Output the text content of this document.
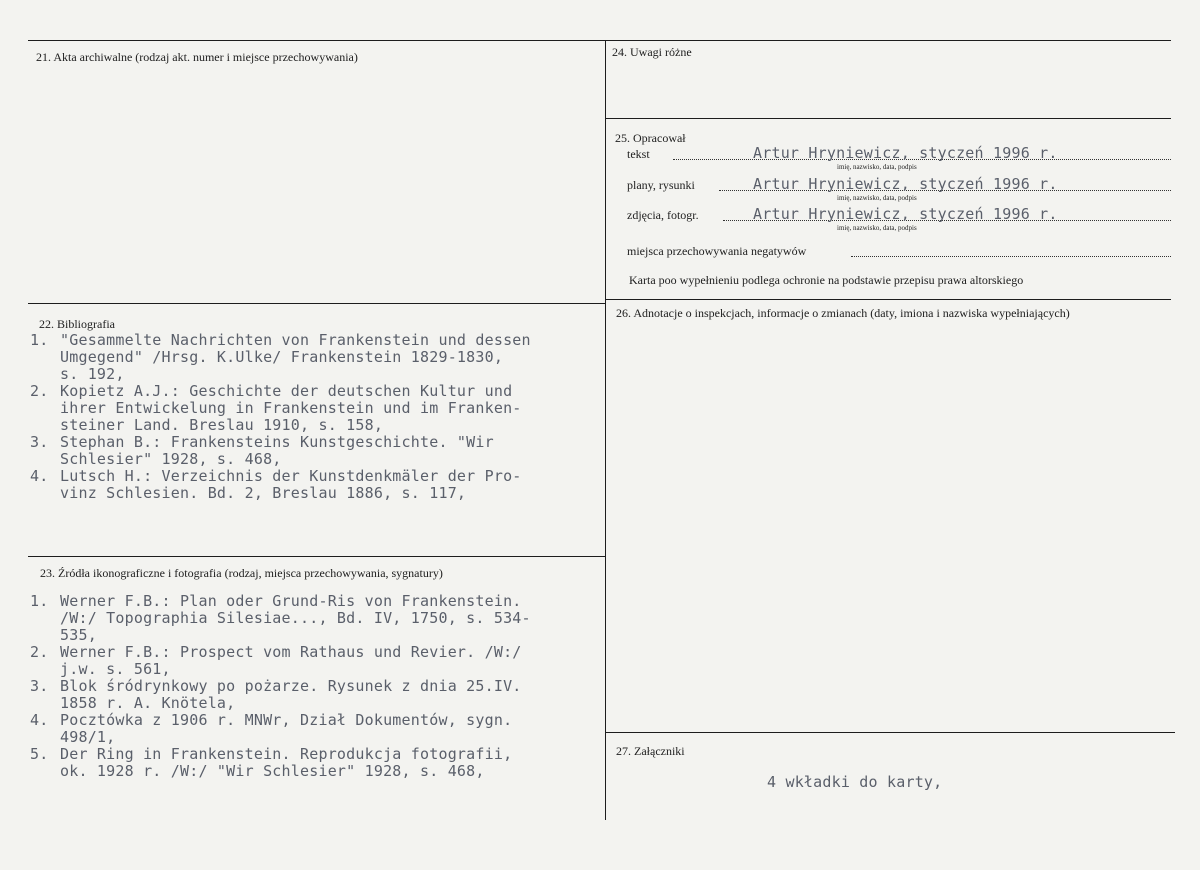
21. Akta archiwalne (rodzaj akt. numer i miejsce przechowywania)	24. Uwagi różne
25. Opracował
tekst	Artur Hryniewicz, styczeń 1996 r.
imię, nazwisko, data, podpis
plany, rysunki	Artur Hryniewicz, styczeń 1996 r.
imię, nazwisko, data, podpis
zdjęcia, fotogr.	Artur Hryniewicz, styczeń 1996 r.
imię, nazwisko, data, podpis
miejsca przechowywania negatywów
Karta poo wypełnieniu podlega ochronie na podstawie przepisu prawa altorskiego
22. Bibliografia
1. "Gesammelte Nachrichten von Frankenstein und dessen
Umgegend" /Hrsg. K.Ulke/ Frankenstein 1829-1830,
s. 192,
2. Kopietz A.J.: Geschichte der deutschen Kultur und
ihrer Entwickelung in Frankenstein und im Franken-
steiner Land. Breslau 1910, s. 158,
3. Stephan B.: Frankensteins Kunstgeschichte. "Wir
Schlesier" 1928, s. 468,
4. Lutsch H.: Verzeichnis der Kunstdenkmäler der Pro-
vinz Schlesien. Bd. 2, Breslau 1886, s. 117,
26. Adnotacje o inspekcjach, informacje o zmianach (daty, imiona i nazwiska wypełniających)
23. Źródła ikonograficzne i fotografia (rodzaj, miejsca przechowywania, sygnatury)
1. Werner F.B.: Plan oder Grund-Ris von Frankenstein.
/W:/ Topographia Silesiae..., Bd. IV, 1750, s. 534-
535,
2. Werner F.B.: Prospect vom Rathaus und Revier. /W:/
j.w. s. 561,
3. Blok śródrynkowy po pożarze. Rysunek z dnia 25.IV.
1858 r. A. Knötela,
4. Pocztówka z 1906 r. MNWr, Dział Dokumentów, sygn.
498/1,
5. Der Ring in Frankenstein. Reprodukcja fotografii,
ok. 1928 r. /W:/ "Wir Schlesier" 1928, s. 468,
27. Załączniki
4 wkładki do karty,
